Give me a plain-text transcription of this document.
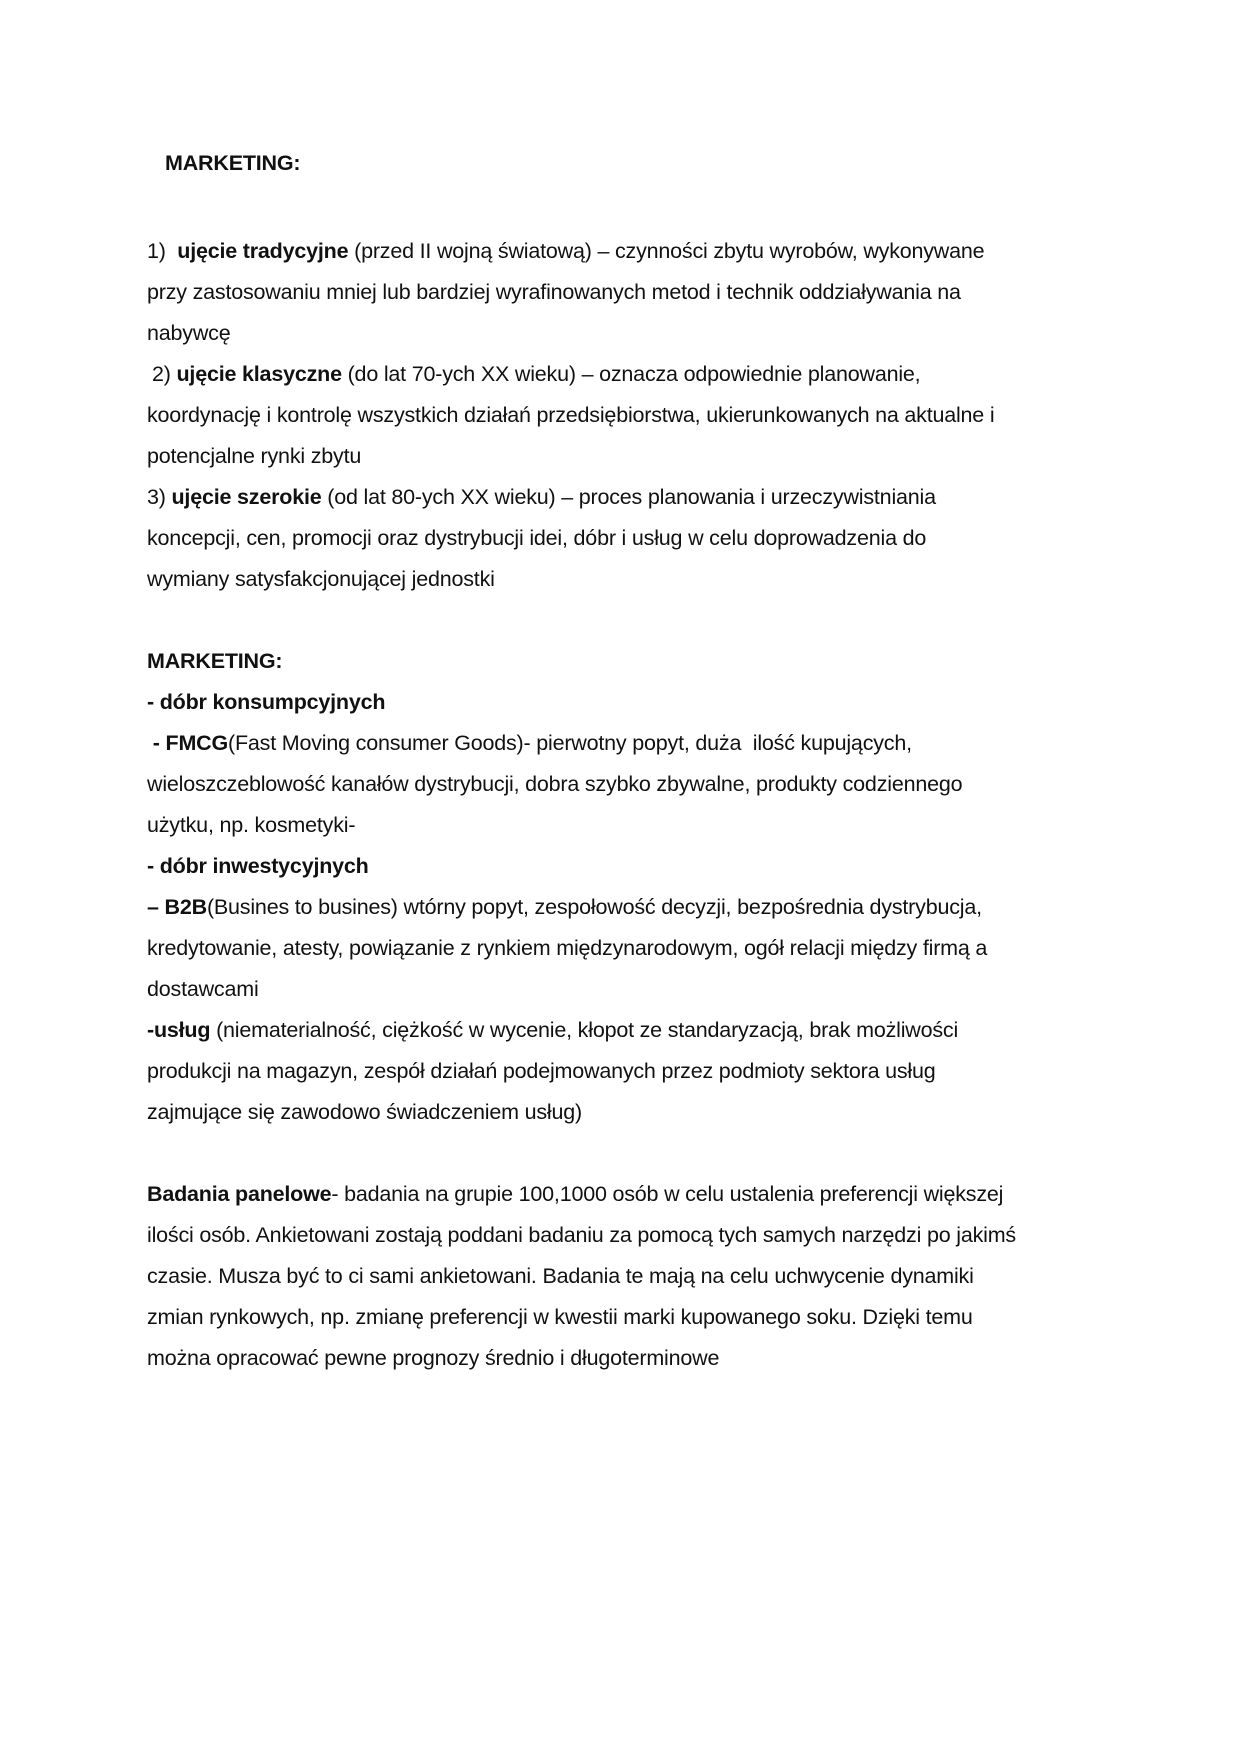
MARKETING:
1) ujęcie tradycyjne (przed II wojną światową) – czynności zbytu wyrobów, wykonywane
przy zastosowaniu mniej lub bardziej wyrafinowanych metod i technik oddziaływania na
nabywcę
2) ujęcie klasyczne (do lat 70-ych XX wieku) – oznacza odpowiednie planowanie,
koordynację i kontrolę wszystkich działań przedsiębiorstwa, ukierunkowanych na aktualne i
potencjalne rynki zbytu
3) ujęcie szerokie (od lat 80-ych XX wieku) – proces planowania i urzeczywistniania
koncepcji, cen, promocji oraz dystrybucji idei, dóbr i usług w celu doprowadzenia do
wymiany satysfakcjonującej jednostki
MARKETING:
- dóbr konsumpcyjnych
- FMCG(Fast Moving consumer Goods)- pierwotny popyt, duża  ilość kupujących,
wieloszczeblowość kanałów dystrybucji, dobra szybko zbywalne, produkty codziennego
użytku, np. kosmetyki-
- dóbr inwestycyjnych
– B2B(Busines to busines) wtórny popyt, zespołowość decyzji, bezpośrednia dystrybucja,
kredytowanie, atesty, powiązanie z rynkiem międzynarodowym, ogół relacji między firmą a
dostawcami
-usług (niematerialność, ciężkość w wycenie, kłopot ze standaryzacją, brak możliwości
produkcji na magazyn, zespół działań podejmowanych przez podmioty sektora usług
zajmujące się zawodowo świadczeniem usług)
Badania panelowe- badania na grupie 100,1000 osób w celu ustalenia preferencji większej
ilości osób. Ankietowani zostają poddani badaniu za pomocą tych samych narzędzi po jakimś
czasie. Musza być to ci sami ankietowani. Badania te mają na celu uchwycenie dynamiki
zmian rynkowych, np. zmianę preferencji w kwestii marki kupowanego soku. Dzięki temu
można opracować pewne prognozy średnio i długoterminowe
